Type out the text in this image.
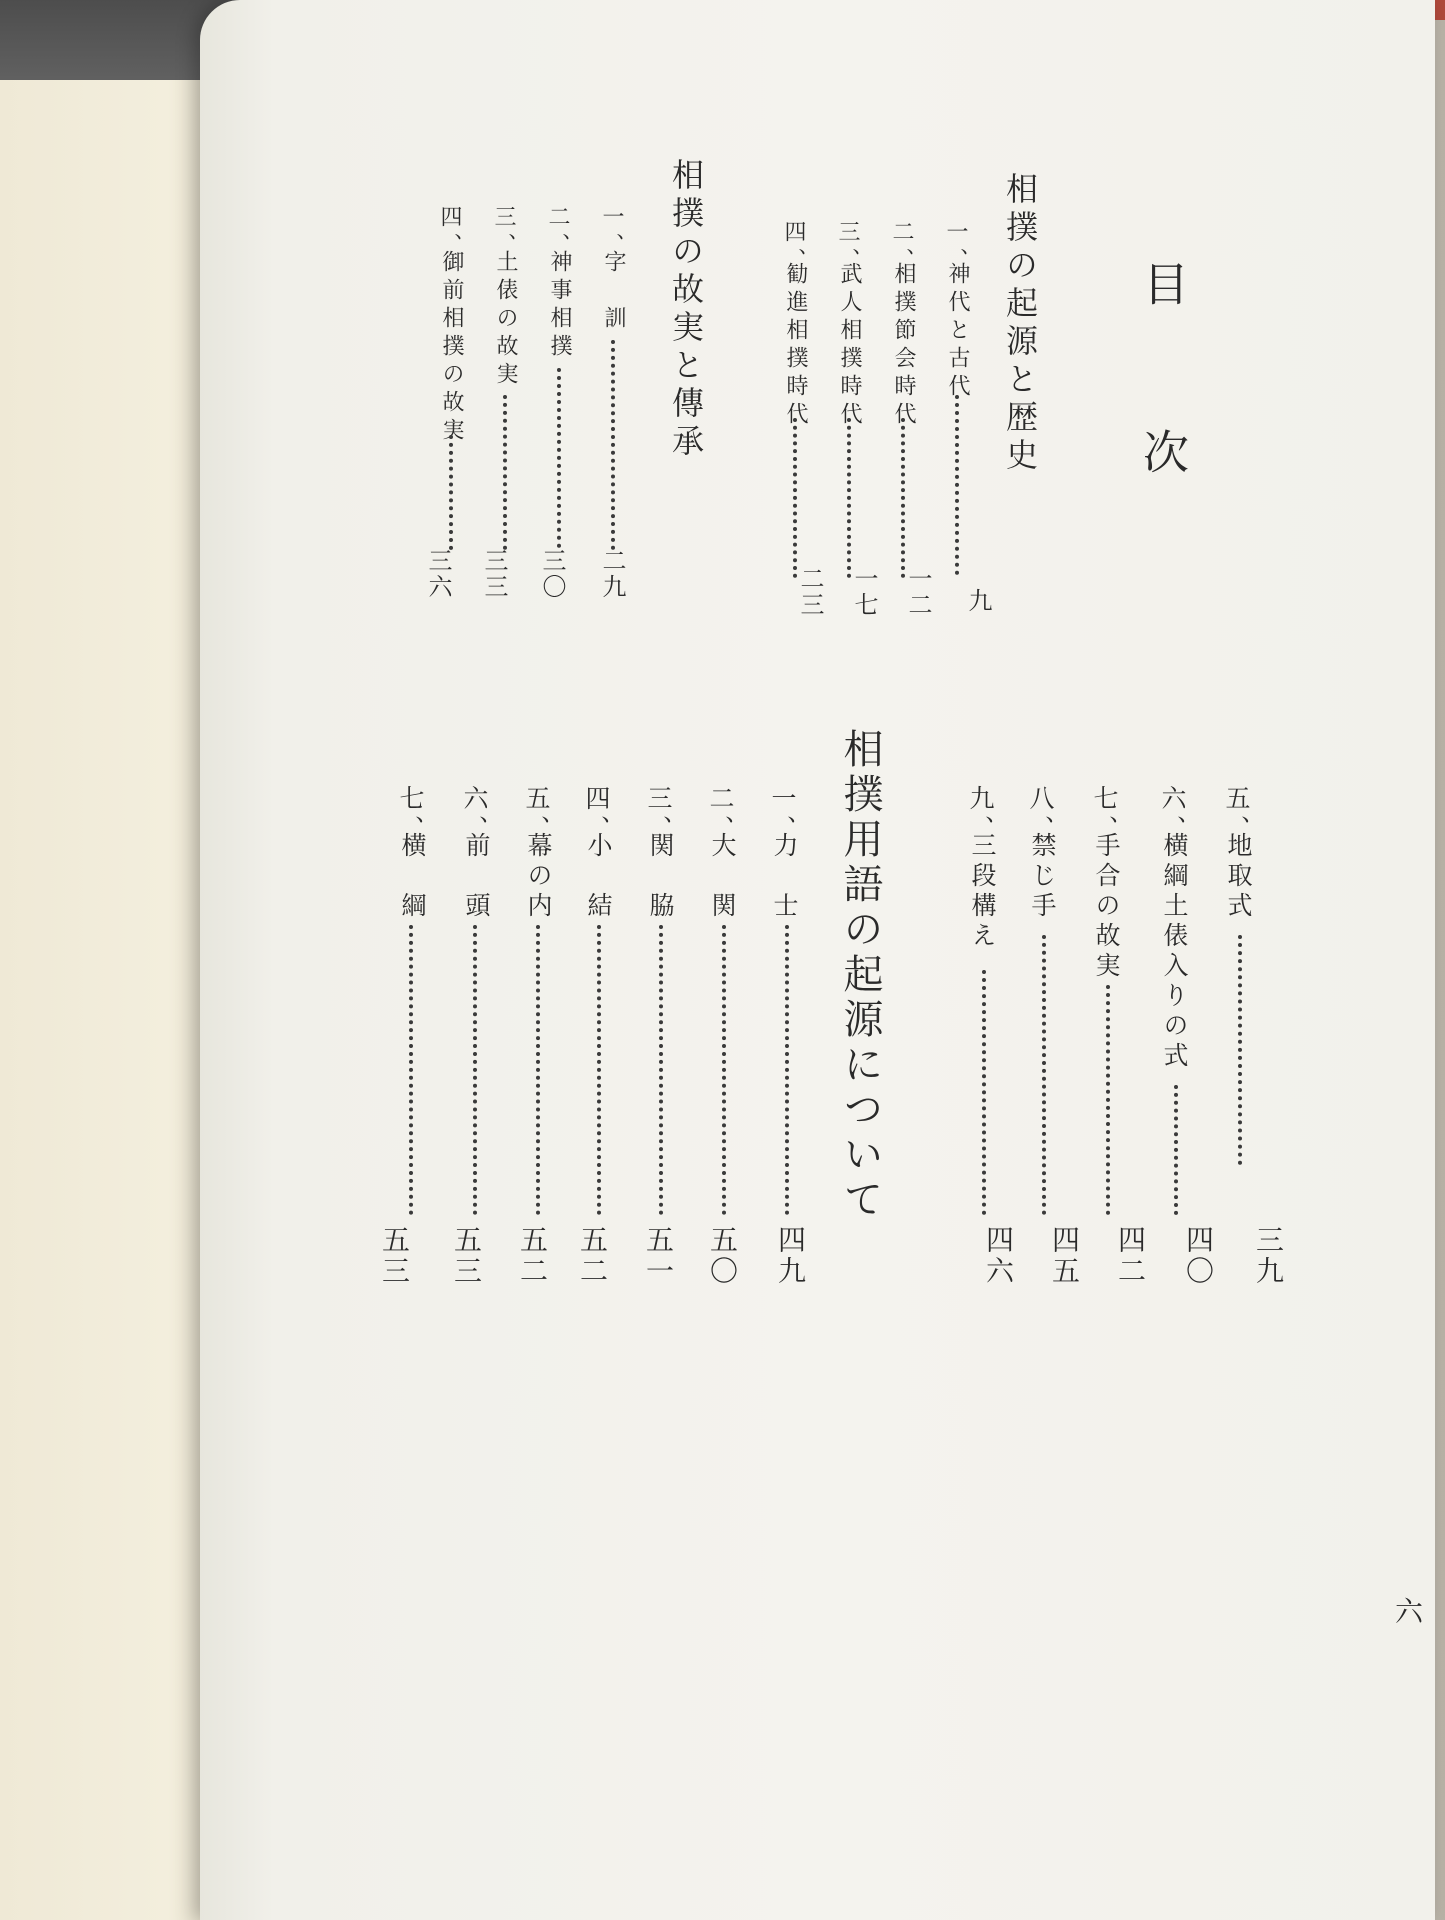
目　次
相撲の起源と歴史
一、
神代と古代
九
二、
相撲節会時代
一二
三、
武人相撲時代
一七
四、
勧進相撲時代
二三
相撲の故実と傳承
一、
字　訓
二九
二、
神事相撲
三〇
三、
土俵の故実
三三
四、
御前相撲の故実
三六
五、
地取式
三九
六、
横綱土俵入りの式
四〇
七、
手合の故実
四二
八、
禁じ手
四五
九、
三段構え
四六
相撲用語の起源について
一、
力　士
四九
二、
大　関
五〇
三、
関　脇
五一
四、
小　結
五二
五、
幕の内
五二
六、
前　頭
五三
七、
横　綱
五三
六
